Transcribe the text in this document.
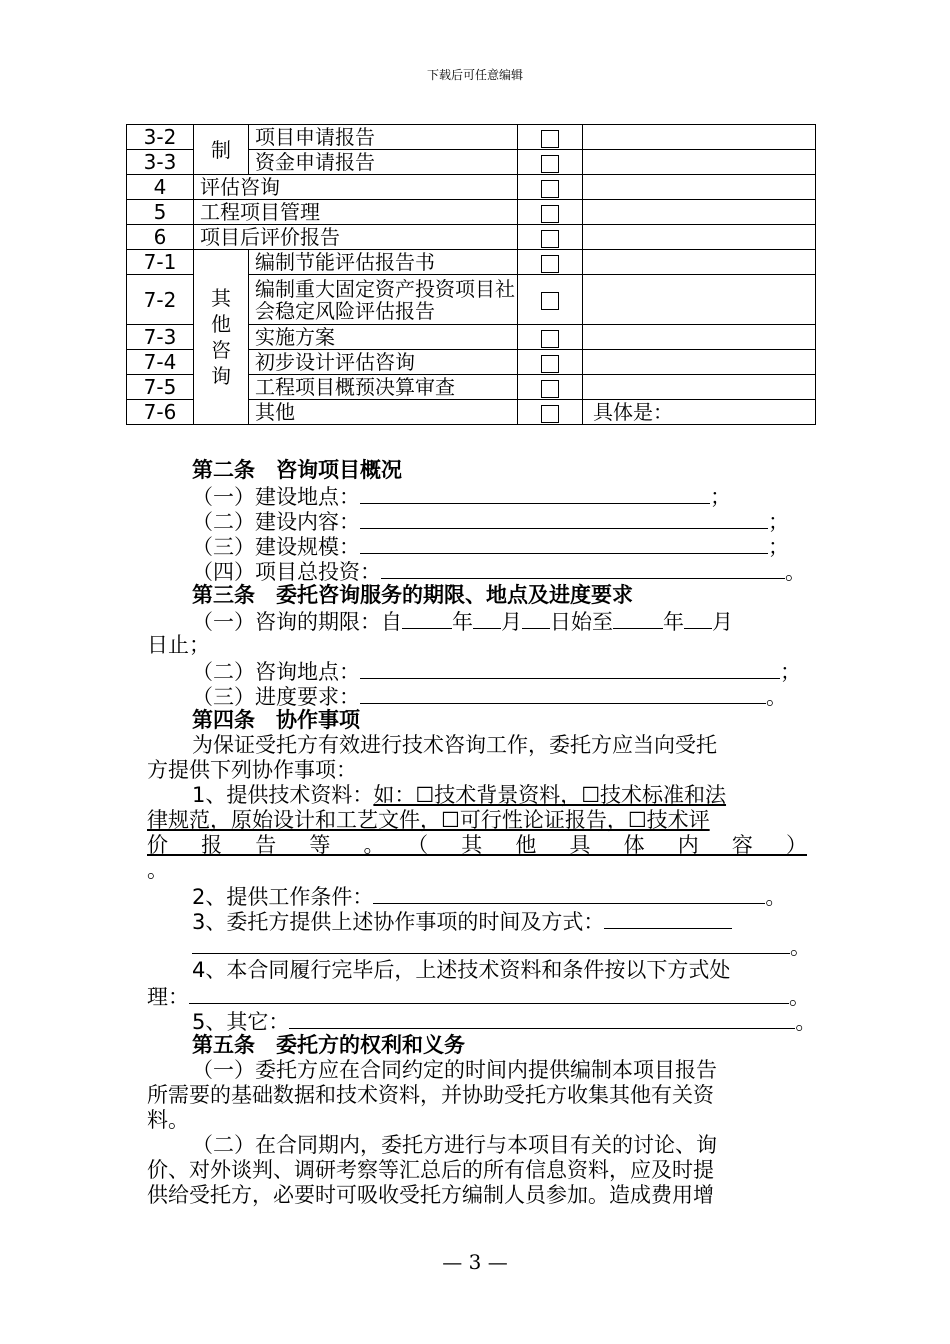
下载后可任意编辑
3-2	制	项目申请报告		
3-3		资金申请报告		
4	评估咨询			
5	工程项目管理			
6	项目后评价报告			
7-1	其他咨询	编制节能评估报告书		
7-2		编制重大固定资产投资项目社会稳定风险评估报告		
7-3		实施方案		
7-4		初步设计评估咨询		
7-5		工程项目概预决算审查		
7-6		其他		具体是：
第二条　咨询项目概况
（一）建设地点：	；
（二）建设内容：	；
（三）建设规模：	；
（四）项目总投资：	。
第三条　委托咨询服务的期限、地点及进度要求
（一）咨询的期限：自 年 月 日始至 年 月
日止；
（二）咨询地点：	；
（三）进度要求：	。
第四条　协作事项
为保证受托方有效进行技术咨询工作，委托方应当向受托
方提供下列协作事项：
1、提供技术资料：如：☐技术背景资料，☐技术标准和法
律规范，原始设计和工艺文件，☐可行性论证报告，☐技术评
价报告等。（其他具体内容）
。
2、提供工作条件：	。
3、委托方提供上述协作事项的时间及方式：
。
4、本合同履行完毕后，上述技术资料和条件按以下方式处
理：	。
5、其它：	。
第五条　委托方的权利和义务
（一）委托方应在合同约定的时间内提供编制本项目报告
所需要的基础数据和技术资料，并协助受托方收集其他有关资
料。
（二）在合同期内，委托方进行与本项目有关的讨论、询
价、对外谈判、调研考察等汇总后的所有信息资料，应及时提
供给受托方，必要时可吸收受托方编制人员参加。造成费用增
— 3 —
